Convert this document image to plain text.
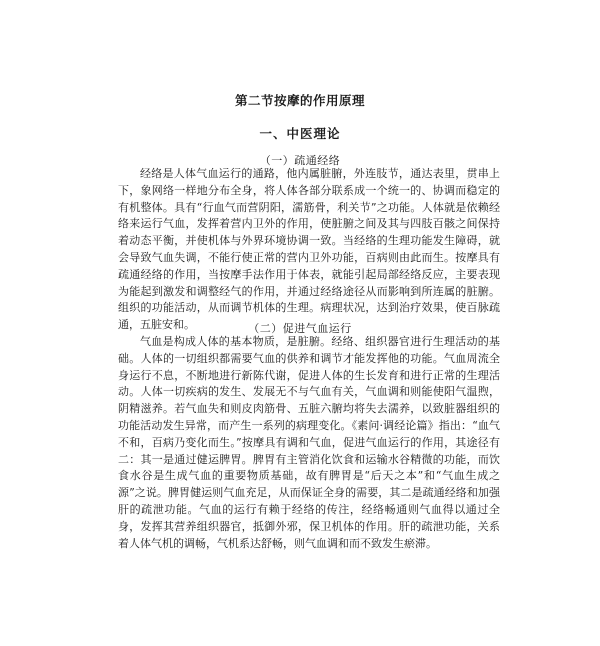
第二节按摩的作用原理
一、中医理论
（一）疏通经络

经络是人体气血运行的通路，他内属脏腑，外连肢节，通达表里，贯串上下，象网络一样地分布全身，将人体各部分联系成一个统一的、协调而稳定的有机整体。具有“行血气而营阴阳，濡筋骨，利关节”之功能。人体就是依赖经络来运行气血，发挥着营内卫外的作用，使脏腑之间及其与四肢百骸之间保持着动态平衡，并使机体与外界环境协调一致。当经络的生理功能发生障碍，就会导致气血失调，不能行使正常的营内卫外功能，百病则由此而生。按摩具有疏通经络的作用，当按摩手法作用于体表，就能引起局部经络反应，主要表现为能起到激发和调整经气的作用，并通过经络途径从而影响到所连属的脏腑。组织的功能活动，从而调节机体的生理。病理状况，达到治疗效果，使百脉疏通，五脏安和。	（二）促进气血运行

气血是构成人体的基本物质，是脏腑。经络、组织器官进行生理活动的基础。人体的一切组织都需要气血的供养和调节才能发挥他的功能。气血周流全身运行不息，不断地进行新陈代谢，促进人体的生长发育和进行正常的生理活动。人体一切疾病的发生、发展无不与气血有关，气血调和则能使阳气温煦，阴精滋养。若气血失和则皮肉筋骨、五脏六腑均将失去濡养，以致脏器组织的功能活动发生异常，而产生一系列的病理变化。《素问·调经论篇》指出：“血气不和，百病乃变化而生。”按摩具有调和气血，促进气血运行的作用，其途径有二：其一是通过健运脾胃。脾胃有主管消化饮食和运输水谷精微的功能，而饮食水谷是生成气血的重要物质基础，故有脾胃是“后天之本”和“气血生成之源”之说。脾胃健运则气血充足，从而保证全身的需要，其二是疏通经络和加强肝的疏泄功能。气血的运行有赖于经络的传注，经络畅通则气血得以通过全身，发挥其营养组织器官，抵御外邪，保卫机体的作用。肝的疏泄功能，关系着人体气机的调畅，气机系达舒畅，则气血调和而不致发生瘀滞。
